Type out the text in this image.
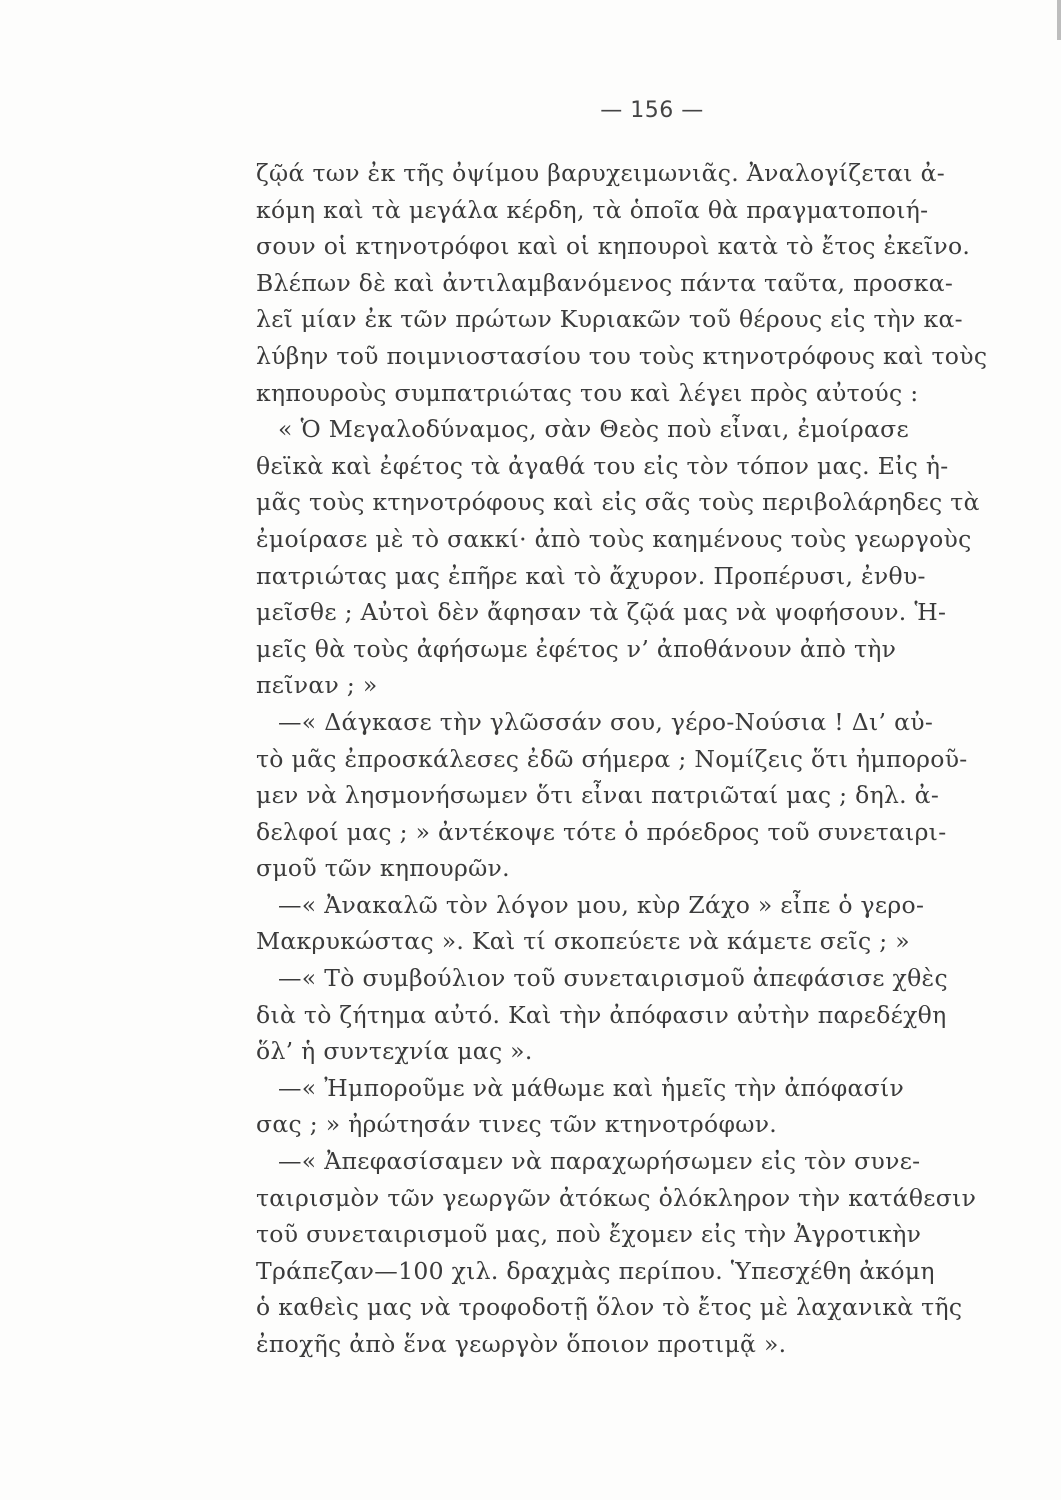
— 156 —
ζῷά των ἐκ τῆς ὀψίμου βαρυχειμωνιᾶς. Ἀναλογίζεται ἀ-
κόμη καὶ τὰ μεγάλα κέρδη, τὰ ὁποῖα θὰ πραγματοποιή-
σουν οἱ κτηνοτρόφοι καὶ οἱ κηπουροὶ κατὰ τὸ ἔτος ἐκεῖνο.
Βλέπων δὲ καὶ ἀντιλαμβανόμενος πάντα ταῦτα, προσκα-
λεῖ μίαν ἐκ τῶν πρώτων Κυριακῶν τοῦ θέρους εἰς τὴν κα-
λύβην τοῦ ποιμνιοστασίου του τοὺς κτηνοτρόφους καὶ τοὺς
κηπουροὺς συμπατριώτας του καὶ λέγει πρὸς αὐτούς :
« Ὁ Μεγαλοδύναμος, σὰν Θεὸς ποὺ εἶναι, ἐμοίρασε
θεϊκὰ καὶ ἐφέτος τὰ ἀγαθά του εἰς τὸν τόπον μας. Εἰς ἡ-
μᾶς τοὺς κτηνοτρόφους καὶ εἰς σᾶς τοὺς περιβολάρηδες τὰ
ἐμοίρασε μὲ τὸ σακκί· ἀπὸ τοὺς καημένους τοὺς γεωργοὺς
πατριώτας μας ἐπῆρε καὶ τὸ ἄχυρον. Προπέρυσι, ἐνθυ-
μεῖσθε ; Αὐτοὶ δὲν ἄφησαν τὰ ζῷά μας νὰ ψοφήσουν. Ἡ-
μεῖς θὰ τοὺς ἀφήσωμε ἐφέτος ν’ ἀποθάνουν ἀπὸ τὴν
πεῖναν ; »
—« Δάγκασε τὴν γλῶσσάν σου, γέρο-Νούσια ! Δι’ αὐ-
τὸ μᾶς ἐπροσκάλεσες ἐδῶ σήμερα ; Νομίζεις ὅτι ἠμποροῦ-
μεν νὰ λησμονήσωμεν ὅτι εἶναι πατριῶταί μας ; δηλ. ἀ-
δελφοί μας ; » ἀντέκοψε τότε ὁ πρόεδρος τοῦ συνεταιρι-
σμοῦ τῶν κηπουρῶν.
—« Ἀνακαλῶ τὸν λόγον μου, κὺρ Ζάχο » εἶπε ὁ γερο-
Μακρυκώστας ». Καὶ τί σκοπεύετε νὰ κάμετε σεῖς ; »
—« Τὸ συμβούλιον τοῦ συνεταιρισμοῦ ἀπεφάσισε χθὲς
διὰ τὸ ζήτημα αὐτό. Καὶ τὴν ἀπόφασιν αὐτὴν παρεδέχθη
ὅλ’ ἡ συντεχνία μας ».
—« Ἠμποροῦμε νὰ μάθωμε καὶ ἡμεῖς τὴν ἀπόφασίν
σας ; » ἠρώτησάν τινες τῶν κτηνοτρόφων.
—« Ἀπεφασίσαμεν νὰ παραχωρήσωμεν εἰς τὸν συνε-
ταιρισμὸν τῶν γεωργῶν ἀτόκως ὁλόκληρον τὴν κατάθεσιν
τοῦ συνεταιρισμοῦ μας, ποὺ ἔχομεν εἰς τὴν Ἀγροτικὴν
Τράπεζαν—100 χιλ. δραχμὰς περίπου. Ὑπεσχέθη ἀκόμη
ὁ καθεὶς μας νὰ τροφοδοτῇ ὅλον τὸ ἔτος μὲ λαχανικὰ τῆς
ἐποχῆς ἀπὸ ἕνα γεωργὸν ὅποιον προτιμᾷ ».
